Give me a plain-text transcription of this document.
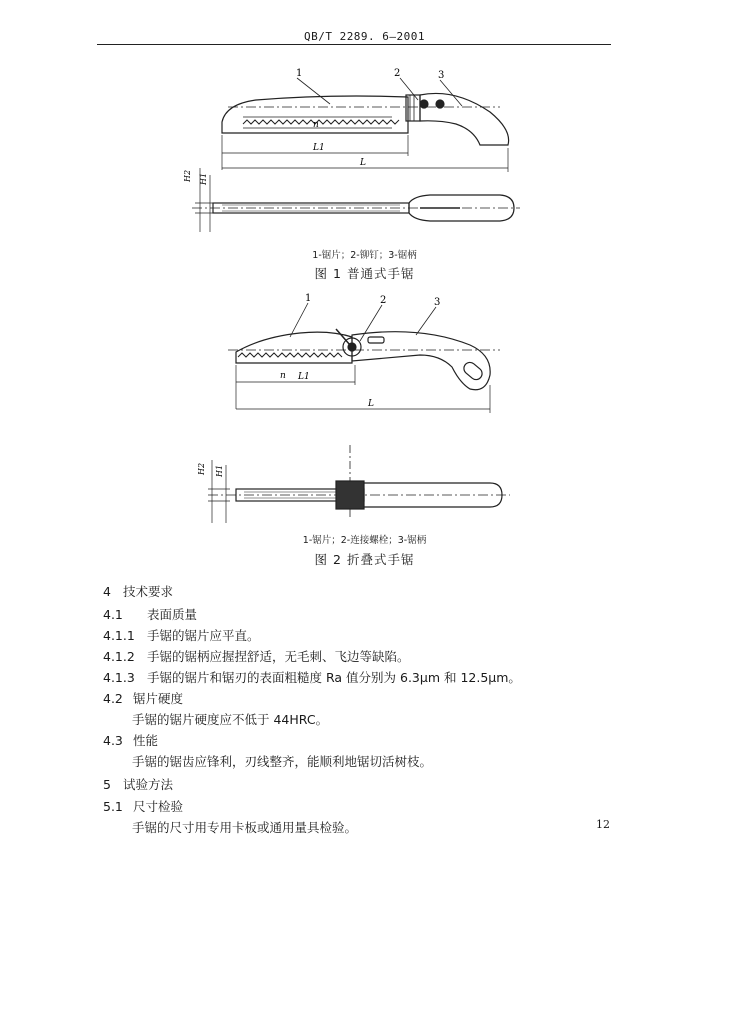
QB/T 2289. 6—2001
1	2	3
n
L1
L
H2 H1
1-锯片；2-铆钉；3-锯柄
图 1 普通式手锯
1	2	3
n L1
L
H2 H1
1-锯片；2-连接螺栓；3-锯柄
图 2 折叠式手锯
4 技术要求
4.1 表面质量
4.1.1 手锯的锯片应平直。
4.1.2 手锯的锯柄应握捏舒适，无毛刺、飞边等缺陷。
4.1.3 手锯的锯片和锯刃的表面粗糙度 Ra 值分别为 6.3μm 和 12.5μm。
4.2 锯片硬度
手锯的锯片硬度应不低于 44HRC。
4.3 性能
手锯的锯齿应锋利，刃线整齐，能顺利地锯切活树枝。
5 试验方法
5.1 尺寸检验
手锯的尺寸用专用卡板或通用量具检验。	12
